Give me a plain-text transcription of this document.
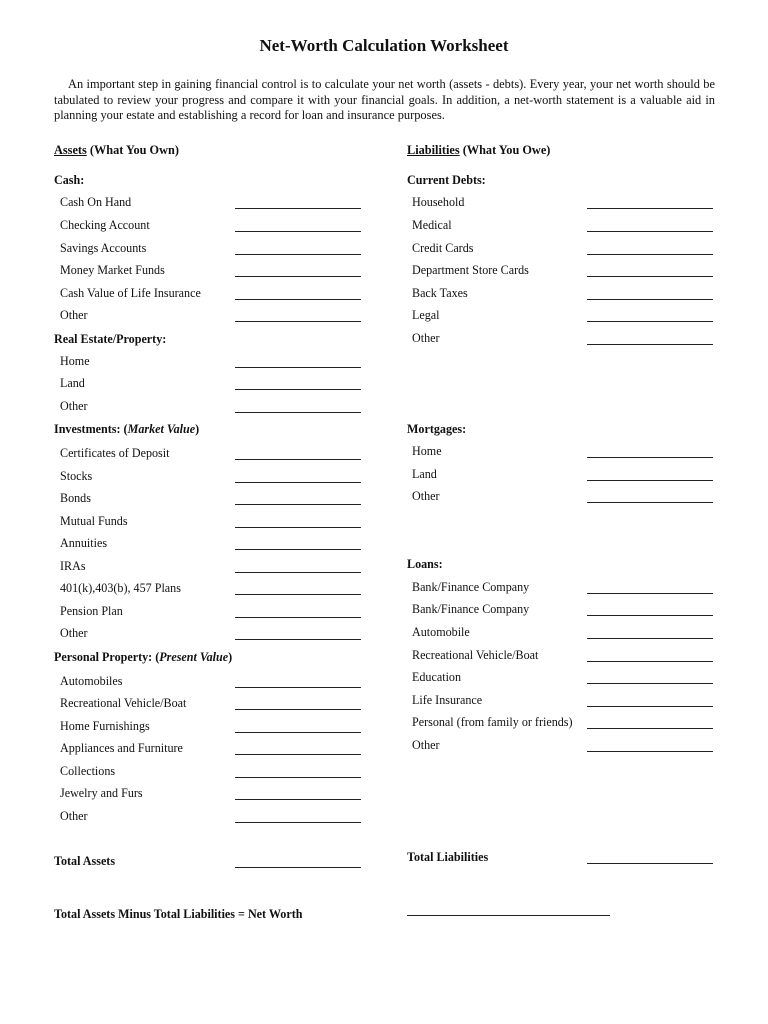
Net-Worth Calculation Worksheet
An important step in gaining financial control is to calculate your net worth (assets - debts). Every year, your net worth should be tabulated to review your progress and compare it with your financial goals. In addition, a net-worth statement is a valuable aid in planning your estate and establishing a record for loan and insurance purposes.
Assets (What You Own)	Liabilities (What You Owe)
Cash:
Cash On Hand
Checking Account
Savings Accounts
Money Market Funds
Cash Value of Life Insurance
Other
Real Estate/Property:
Home
Land
Other
Investments: (Market Value)
Certificates of Deposit
Stocks
Bonds
Mutual Funds
Annuities
IRAs
401(k),403(b), 457 Plans
Pension Plan
Other
Personal Property: (Present Value)
Automobiles
Recreational Vehicle/Boat
Home Furnishings
Appliances and Furniture
Collections
Jewelry and Furs
Other
Total Assets
Current Debts:
Household
Medical
Credit Cards
Department Store Cards
Back Taxes
Legal
Other
Mortgages:
Home
Land
Other
Loans:
Bank/Finance Company
Bank/Finance Company
Automobile
Recreational Vehicle/Boat
Education
Life Insurance
Personal (from family or friends)
Other
Total Liabilities
Total Assets Minus Total Liabilities = Net Worth
